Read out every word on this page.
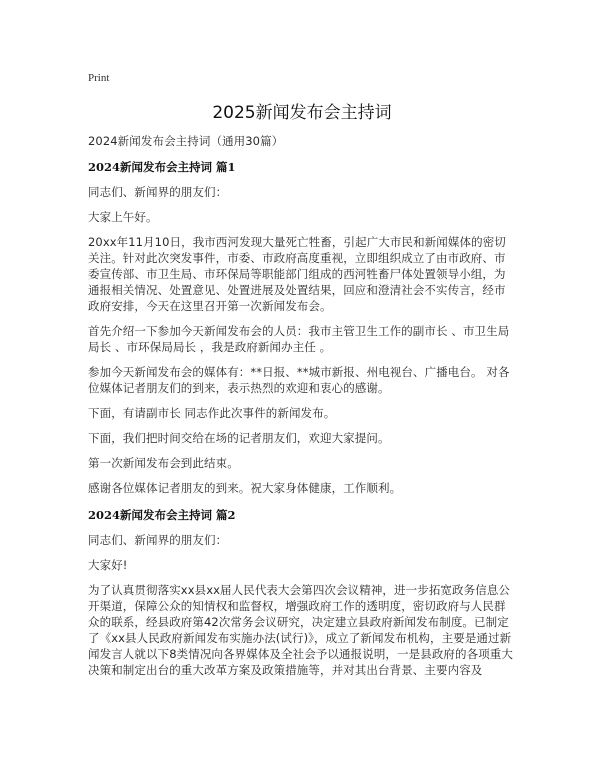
Print
2025新闻发布会主持词

2024新闻发布会主持词（通用30篇）

2024新闻发布会主持词 篇1

同志们、新闻界的朋友们：

大家上午好。

20xx年11月10日，我市西河发现大量死亡牲畜，引起广大市民和新闻媒体的密切关注。针对此次突发事件，市委、市政府高度重视，立即组织成立了由市政府、市委宣传部、市卫生局、市环保局等职能部门组成的西河牲畜尸体处置领导小组，为通报相关情况、处置意见、处置进展及处置结果，回应和澄清社会不实传言，经市政府安排，今天在这里召开第一次新闻发布会。

首先介绍一下参加今天新闻发布会的人员：我市主管卫生工作的副市长 、市卫生局局长 、市环保局局长 ，我是政府新闻办主任 。

参加今天新闻发布会的媒体有：**日报、**城市新报、州电视台、广播电台。 对各位媒体记者朋友们的到来，表示热烈的欢迎和衷心的感谢。

下面，有请副市长 同志作此次事件的新闻发布。

下面，我们把时间交给在场的记者朋友们，欢迎大家提问。

第一次新闻发布会到此结束。

感谢各位媒体记者朋友的到来。祝大家身体健康，工作顺利。

2024新闻发布会主持词 篇2

同志们、新闻界的朋友们：

大家好!

为了认真贯彻落实xx县xx届人民代表大会第四次会议精神，进一步拓宽政务信息公开渠道，保障公众的知情权和监督权，增强政府工作的透明度，密切政府与人民群众的联系，经县政府第42次常务会议研究，决定建立县政府新闻发布制度。已制定了《xx县人民政府新闻发布实施办法(试行)》，成立了新闻发布机构，主要是通过新闻发言人就以下8类情况向各界媒体及全社会予以通报说明，一是县政府的各项重大决策和制定出台的重大改革方案及政策措施等，并对其出台背景、主要内容及
